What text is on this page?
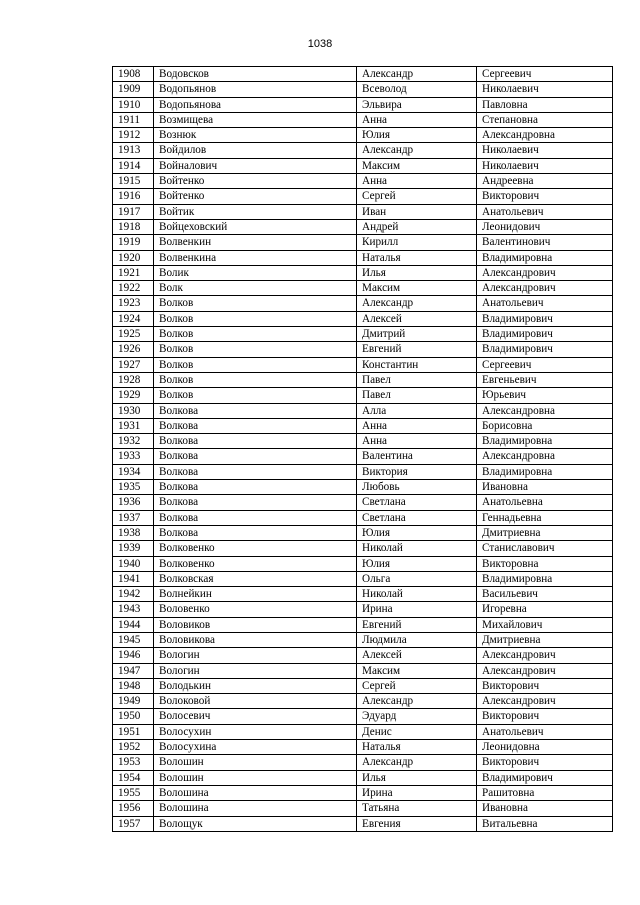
1038
1908	Водовсков	Александр	Сергеевич
1909	Водопьянов	Всеволод	Николаевич
1910	Водопьянова	Эльвира	Павловна
1911	Возмищева	Анна	Степановна
1912	Вознюк	Юлия	Александровна
1913	Войдилов	Александр	Николаевич
1914	Войналович	Максим	Николаевич
1915	Войтенко	Анна	Андреевна
1916	Войтенко	Сергей	Викторович
1917	Войтик	Иван	Анатольевич
1918	Войцеховский	Андрей	Леонидович
1919	Волвенкин	Кирилл	Валентинович
1920	Волвенкина	Наталья	Владимировна
1921	Волик	Илья	Александрович
1922	Волк	Максим	Александрович
1923	Волков	Александр	Анатольевич
1924	Волков	Алексей	Владимирович
1925	Волков	Дмитрий	Владимирович
1926	Волков	Евгений	Владимирович
1927	Волков	Константин	Сергеевич
1928	Волков	Павел	Евгеньевич
1929	Волков	Павел	Юрьевич
1930	Волкова	Алла	Александровна
1931	Волкова	Анна	Борисовна
1932	Волкова	Анна	Владимировна
1933	Волкова	Валентина	Александровна
1934	Волкова	Виктория	Владимировна
1935	Волкова	Любовь	Ивановна
1936	Волкова	Светлана	Анатольевна
1937	Волкова	Светлана	Геннадьевна
1938	Волкова	Юлия	Дмитриевна
1939	Волковенко	Николай	Станиславович
1940	Волковенко	Юлия	Викторовна
1941	Волковская	Ольга	Владимировна
1942	Волнейкин	Николай	Васильевич
1943	Воловенко	Ирина	Игоревна
1944	Воловиков	Евгений	Михайлович
1945	Воловикова	Людмила	Дмитриевна
1946	Вологин	Алексей	Александрович
1947	Вологин	Максим	Александрович
1948	Володькин	Сергей	Викторович
1949	Волоковой	Александр	Александрович
1950	Волосевич	Эдуард	Викторович
1951	Волосухин	Денис	Анатольевич
1952	Волосухина	Наталья	Леонидовна
1953	Волошин	Александр	Викторович
1954	Волошин	Илья	Владимирович
1955	Волошина	Ирина	Рашитовна
1956	Волошина	Татьяна	Ивановна
1957	Волощук	Евгения	Витальевна
